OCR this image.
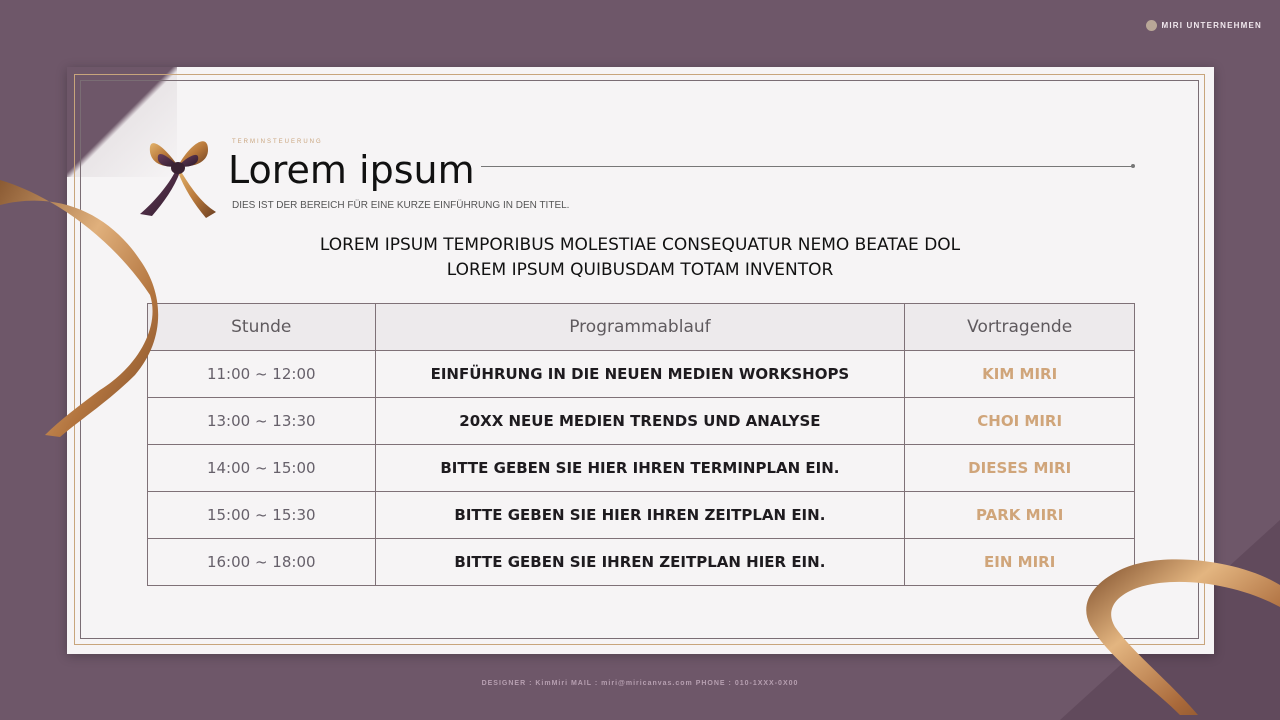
MIRI UNTERNEHMEN
TERMINSTEUERUNG
Lorem ipsum
DIES IST DER BEREICH FÜR EINE KURZE EINFÜHRUNG IN DEN TITEL.
LOREM IPSUM TEMPORIBUS MOLESTIAE CONSEQUATUR NEMO BEATAE DOL
LOREM IPSUM QUIBUSDAM TOTAM INVENTOR
Stunde	Programmablauf	Vortragende
11:00 ~ 12:00	EINFÜHRUNG IN DIE NEUEN MEDIEN WORKSHOPS	KIM MIRI
13:00 ~ 13:30	20XX NEUE MEDIEN TRENDS UND ANALYSE	CHOI MIRI
14:00 ~ 15:00	BITTE GEBEN SIE HIER IHREN TERMINPLAN EIN.	DIESES MIRI
15:00 ~ 15:30	BITTE GEBEN SIE HIER IHREN ZEITPLAN EIN.	PARK MIRI
16:00 ~ 18:00	BITTE GEBEN SIE IHREN ZEITPLAN HIER EIN.	EIN MIRI
DESIGNER : KimMiri MAIL : miri@miricanvas.com PHONE : 010-1XXX-0X00
